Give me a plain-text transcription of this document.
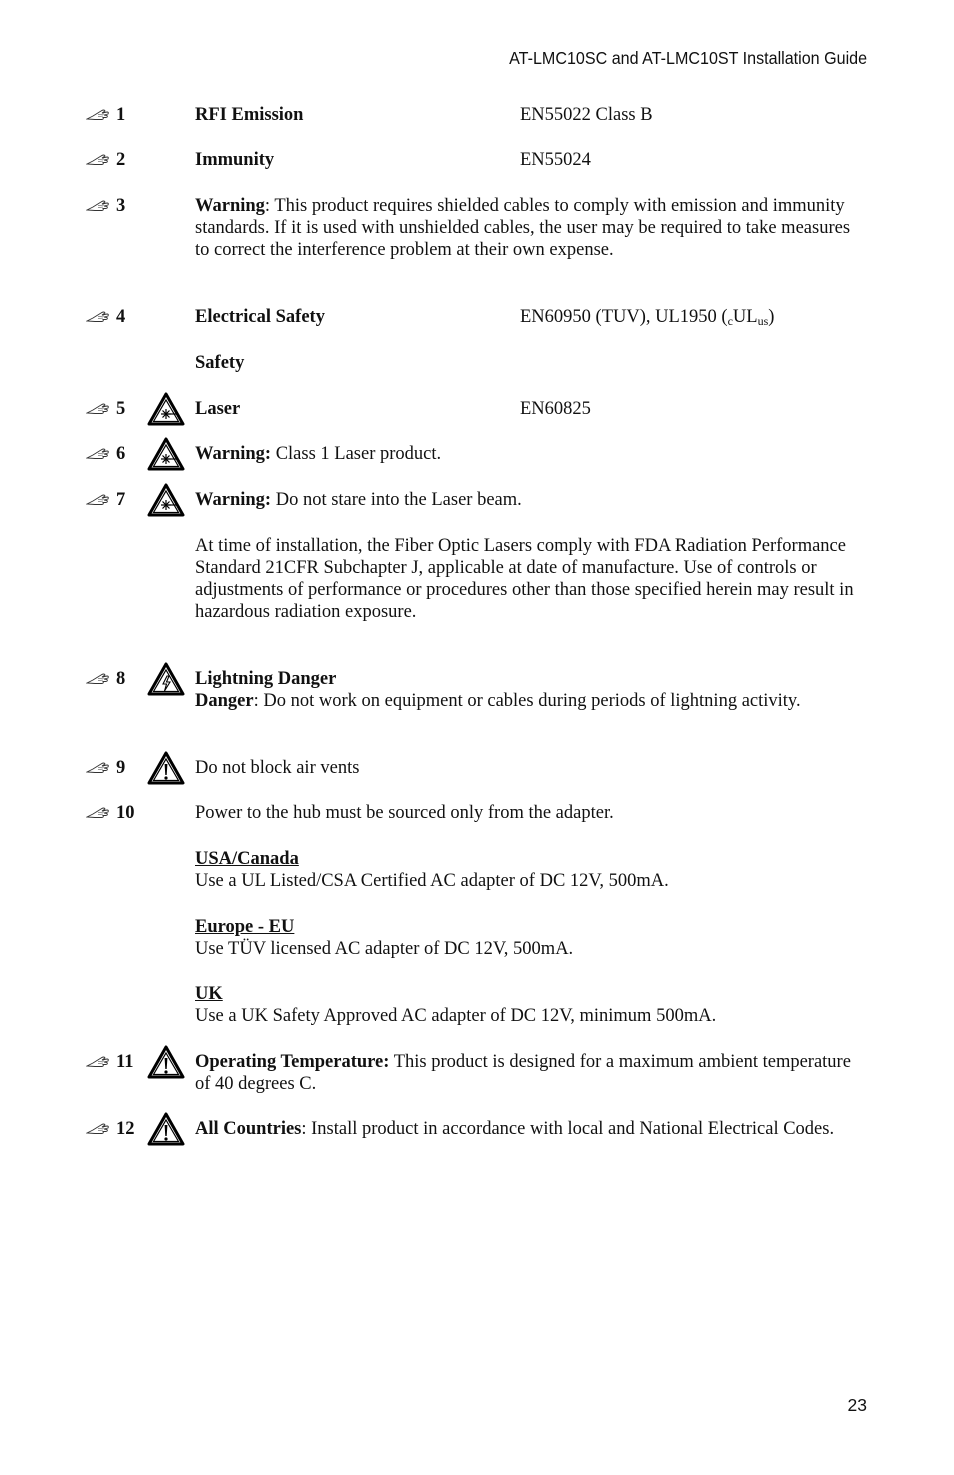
AT-LMC10SC and AT-LMC10ST Installation Guide
1	RFI Emission	EN55022 Class B
2	Immunity	EN55024
3	Warning: This product requires shielded cables to comply with emission and immunity standards. If it is used with unshielded cables, the user may be required to take measures to correct the interference problem at their own expense.
4	Electrical Safety	EN60950 (TUV), UL1950 $(_cUL_{us})$
Safety
5	Laser	EN60825
6	Warning: Class 1 Laser product.
7	Warning: Do not stare into the Laser beam.
At time of installation, the Fiber Optic Lasers comply with FDA Radiation Performance Standard 21CFR Subchapter J, applicable at date of manufacture. Use of controls or adjustments of performance or procedures other than those specified herein may result in hazardous radiation exposure.
8	Lightning Danger
Danger: Do not work on equipment or cables during periods of lightning activity.
9	Do not block air vents
10	Power to the hub must be sourced only from the adapter.
USA/Canada
Use a UL Listed/CSA Certified AC adapter of DC 12V, 500mA.
Europe - EU
Use TÜV licensed AC adapter of DC 12V, 500mA.
UK
Use a UK Safety Approved AC adapter of DC 12V, minimum 500mA.
11	Operating Temperature: This product is designed for a maximum ambient temperature of 40 degrees C.
12	All Countries: Install product in accordance with local and National Electrical Codes.
23
